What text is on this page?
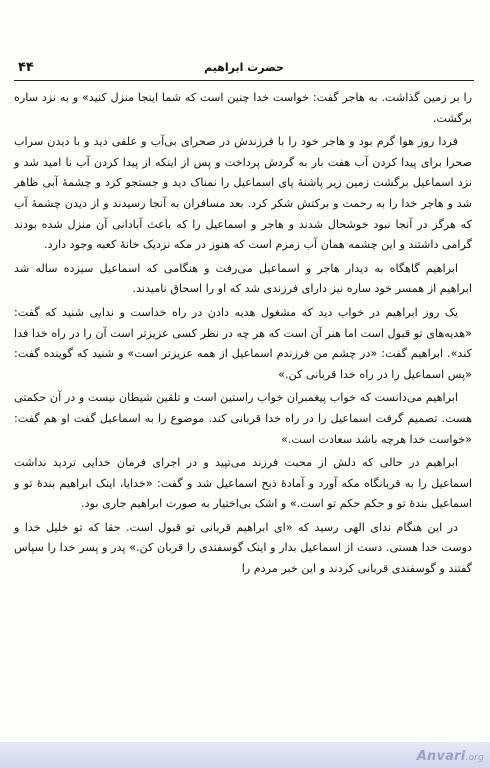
۴۴	حضرت ابراهیم

را بر زمین گذاشت. به هاجر گفت: خواست خدا چنین است که شما اینجا منزل کنید» و به نزد ساره برگشت.

فردا روز هوا گرم بود و هاجر خود را با فرزندش در صحرای بی‌آب و علفی دید و با دیدن سراب صحرا برای پیدا کردن آب هفت بار به گردش پرداخت و پس از اینکه از پیدا کردن آب نا امید شد و نزد اسماعیل برگشت زمین زیر پاشنهٔ پای اسماعیل را نمناک دید و جستجو کرد و چشمهٔ آبی ظاهر شد و هاجر خدا را به رحمت و برکتش شکر کرد. بعد مسافران به آنجا رسیدند و از دیدن چشمهٔ آب که هرگز در آنجا نبود خوشحال شدند و هاجر و اسماعیل را که باعث آبادانی آن منزل شده بودند گرامی داشتند و این چشمه همان آب زمزم است که هنوز در مکه نزدیک خانهٔ کعبه وجود دارد.

ابراهیم گاهگاه به دیدار هاجر و اسماعیل می‌رفت و هنگامی که اسماعیل سیزده ساله شد ابراهیم از همسر خود ساره نیز دارای فرزندی شد که او را اسحاق نامیدند.

یک روز ابراهیم در خواب دید که مشغول هدیه دادن در راه خداست و ندایی شنید که گفت: «هدیه‌های تو قبول است اما هنر آن است که هر چه در نظر کسی عزیزتر است آن را در راه خدا فدا کند». ابراهیم گفت: «در چشم من فرزندم اسماعیل از همه عزیزتر است» و شنید که گوینده گفت: «پس اسماعیل را در راه خدا قربانی کن.»

ابراهیم می‌دانست که خواب پیغمبران خواب راستین است و تلقین شیطان نیست و در آن حکمتی هست. تصمیم گرفت اسماعیل را در راه خدا قربانی کند. موضوع را به اسماعیل گفت او هم گفت: «خواست خدا هرچه باشد سعادت است.»

ابراهیم در حالی که دلش از محبت فرزند می‌تپید و در اجرای فرمان خدایی تردید نداشت اسماعیل را به قربانگاه مکه آورد و آمادهٔ ذبح اسماعیل شد و گفت: «خدایا، اینک ابراهیم بندهٔ تو و اسماعیل بندهٔ تو و حکم حکم تو است.» و اشک بی‌اختیار به صورت ابراهیم جاری بود.

در این هنگام ندای الهی رسید که «ای ابراهیم قربانی تو قبول است. حقا که تو خلیل خدا و دوست خدا هستی. دست از اسماعیل بدار و اینک گوسفندی را قربان کن.» پدر و پسر خدا را سپاس گفتند و گوسفندی قربانی کردند و این خبر مردم را

Anvari.org
